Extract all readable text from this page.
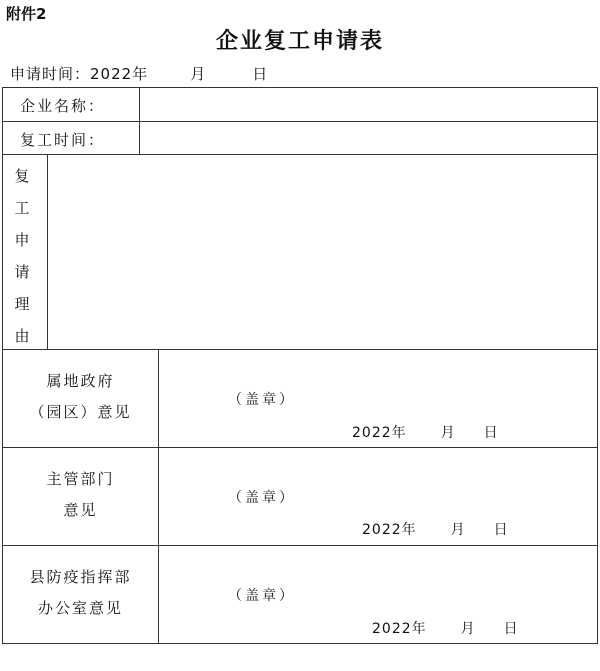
附件2
企业复工申请表
申请时间：2022年	月	日
企业名称：
复工时间：
复
工
申
请
理
由
属地政府
（园区）意见
（盖章）
2022年 月 日
主管部门
意见
（盖章）
2022年 月 日
县防疫指挥部
办公室意见
（盖章）
2022年 月 日
